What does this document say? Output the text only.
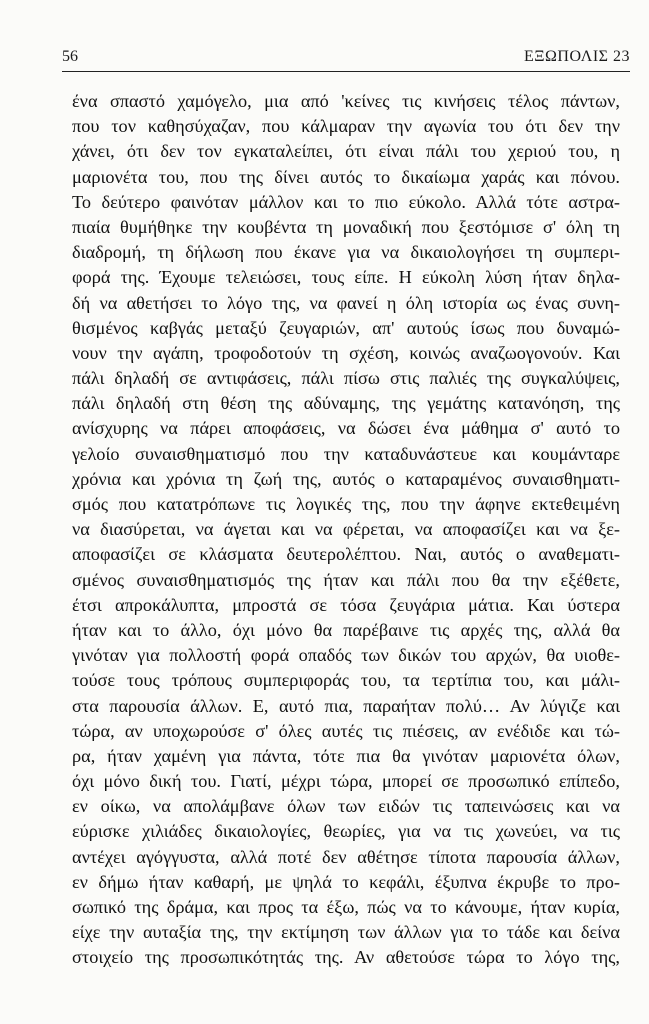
56	ΕΞΩΠΟΛΙΣ 23
ένα σπαστό χαμόγελο, μια από 'κείνες τις κινήσεις τέλος πάντων,
που τον καθησύχαζαν, που κάλμαραν την αγωνία του ότι δεν την
χάνει, ότι δεν τον εγκαταλείπει, ότι είναι πάλι του χεριού του, η
μαριονέτα του, που της δίνει αυτός το δικαίωμα χαράς και πόνου.
Το δεύτερο φαινόταν μάλλον και το πιο εύκολο. Αλλά τότε αστρα-
πιαία θυμήθηκε την κουβέντα τη μοναδική που ξεστόμισε σ' όλη τη
διαδρομή, τη δήλωση που έκανε για να δικαιολογήσει τη συμπερι-
φορά της. Έχουμε τελειώσει, τους είπε. Η εύκολη λύση ήταν δηλα-
δή να αθετήσει το λόγο της, να φανεί η όλη ιστορία ως ένας συνη-
θισμένος καβγάς μεταξύ ζευγαριών, απ' αυτούς ίσως που δυναμώ-
νουν την αγάπη, τροφοδοτούν τη σχέση, κοινώς αναζωογονούν. Και
πάλι δηλαδή σε αντιφάσεις, πάλι πίσω στις παλιές της συγκαλύψεις,
πάλι δηλαδή στη θέση της αδύναμης, της γεμάτης κατανόηση, της
ανίσχυρης να πάρει αποφάσεις, να δώσει ένα μάθημα σ' αυτό το
γελοίο συναισθηματισμό που την καταδυνάστευε και κουμάνταρε
χρόνια και χρόνια τη ζωή της, αυτός ο καταραμένος συναισθηματι-
σμός που κατατρόπωνε τις λογικές της, που την άφηνε εκτεθειμένη
να διασύρεται, να άγεται και να φέρεται, να αποφασίζει και να ξε-
αποφασίζει σε κλάσματα δευτερολέπτου. Ναι, αυτός ο αναθεματι-
σμένος συναισθηματισμός της ήταν και πάλι που θα την εξέθετε,
έτσι απροκάλυπτα, μπροστά σε τόσα ζευγάρια μάτια. Και ύστερα
ήταν και το άλλο, όχι μόνο θα παρέβαινε τις αρχές της, αλλά θα
γινόταν για πολλοστή φορά οπαδός των δικών του αρχών, θα υιοθε-
τούσε τους τρόπους συμπεριφοράς του, τα τερτίπια του, και μάλι-
στα παρουσία άλλων. Ε, αυτό πια, παραήταν πολύ… Αν λύγιζε και
τώρα, αν υποχωρούσε σ' όλες αυτές τις πιέσεις, αν ενέδιδε και τώ-
ρα, ήταν χαμένη για πάντα, τότε πια θα γινόταν μαριονέτα όλων,
όχι μόνο δική του. Γιατί, μέχρι τώρα, μπορεί σε προσωπικό επίπεδο,
εν οίκω, να απολάμβανε όλων των ειδών τις ταπεινώσεις και να
εύρισκε χιλιάδες δικαιολογίες, θεωρίες, για να τις χωνεύει, να τις
αντέχει αγόγγυστα, αλλά ποτέ δεν αθέτησε τίποτα παρουσία άλλων,
εν δήμω ήταν καθαρή, με ψηλά το κεφάλι, έξυπνα έκρυβε το προ-
σωπικό της δράμα, και προς τα έξω, πώς να το κάνουμε, ήταν κυρία,
είχε την αυταξία της, την εκτίμηση των άλλων για το τάδε και δείνα
στοιχείο της προσωπικότητάς της. Αν αθετούσε τώρα το λόγο της,
